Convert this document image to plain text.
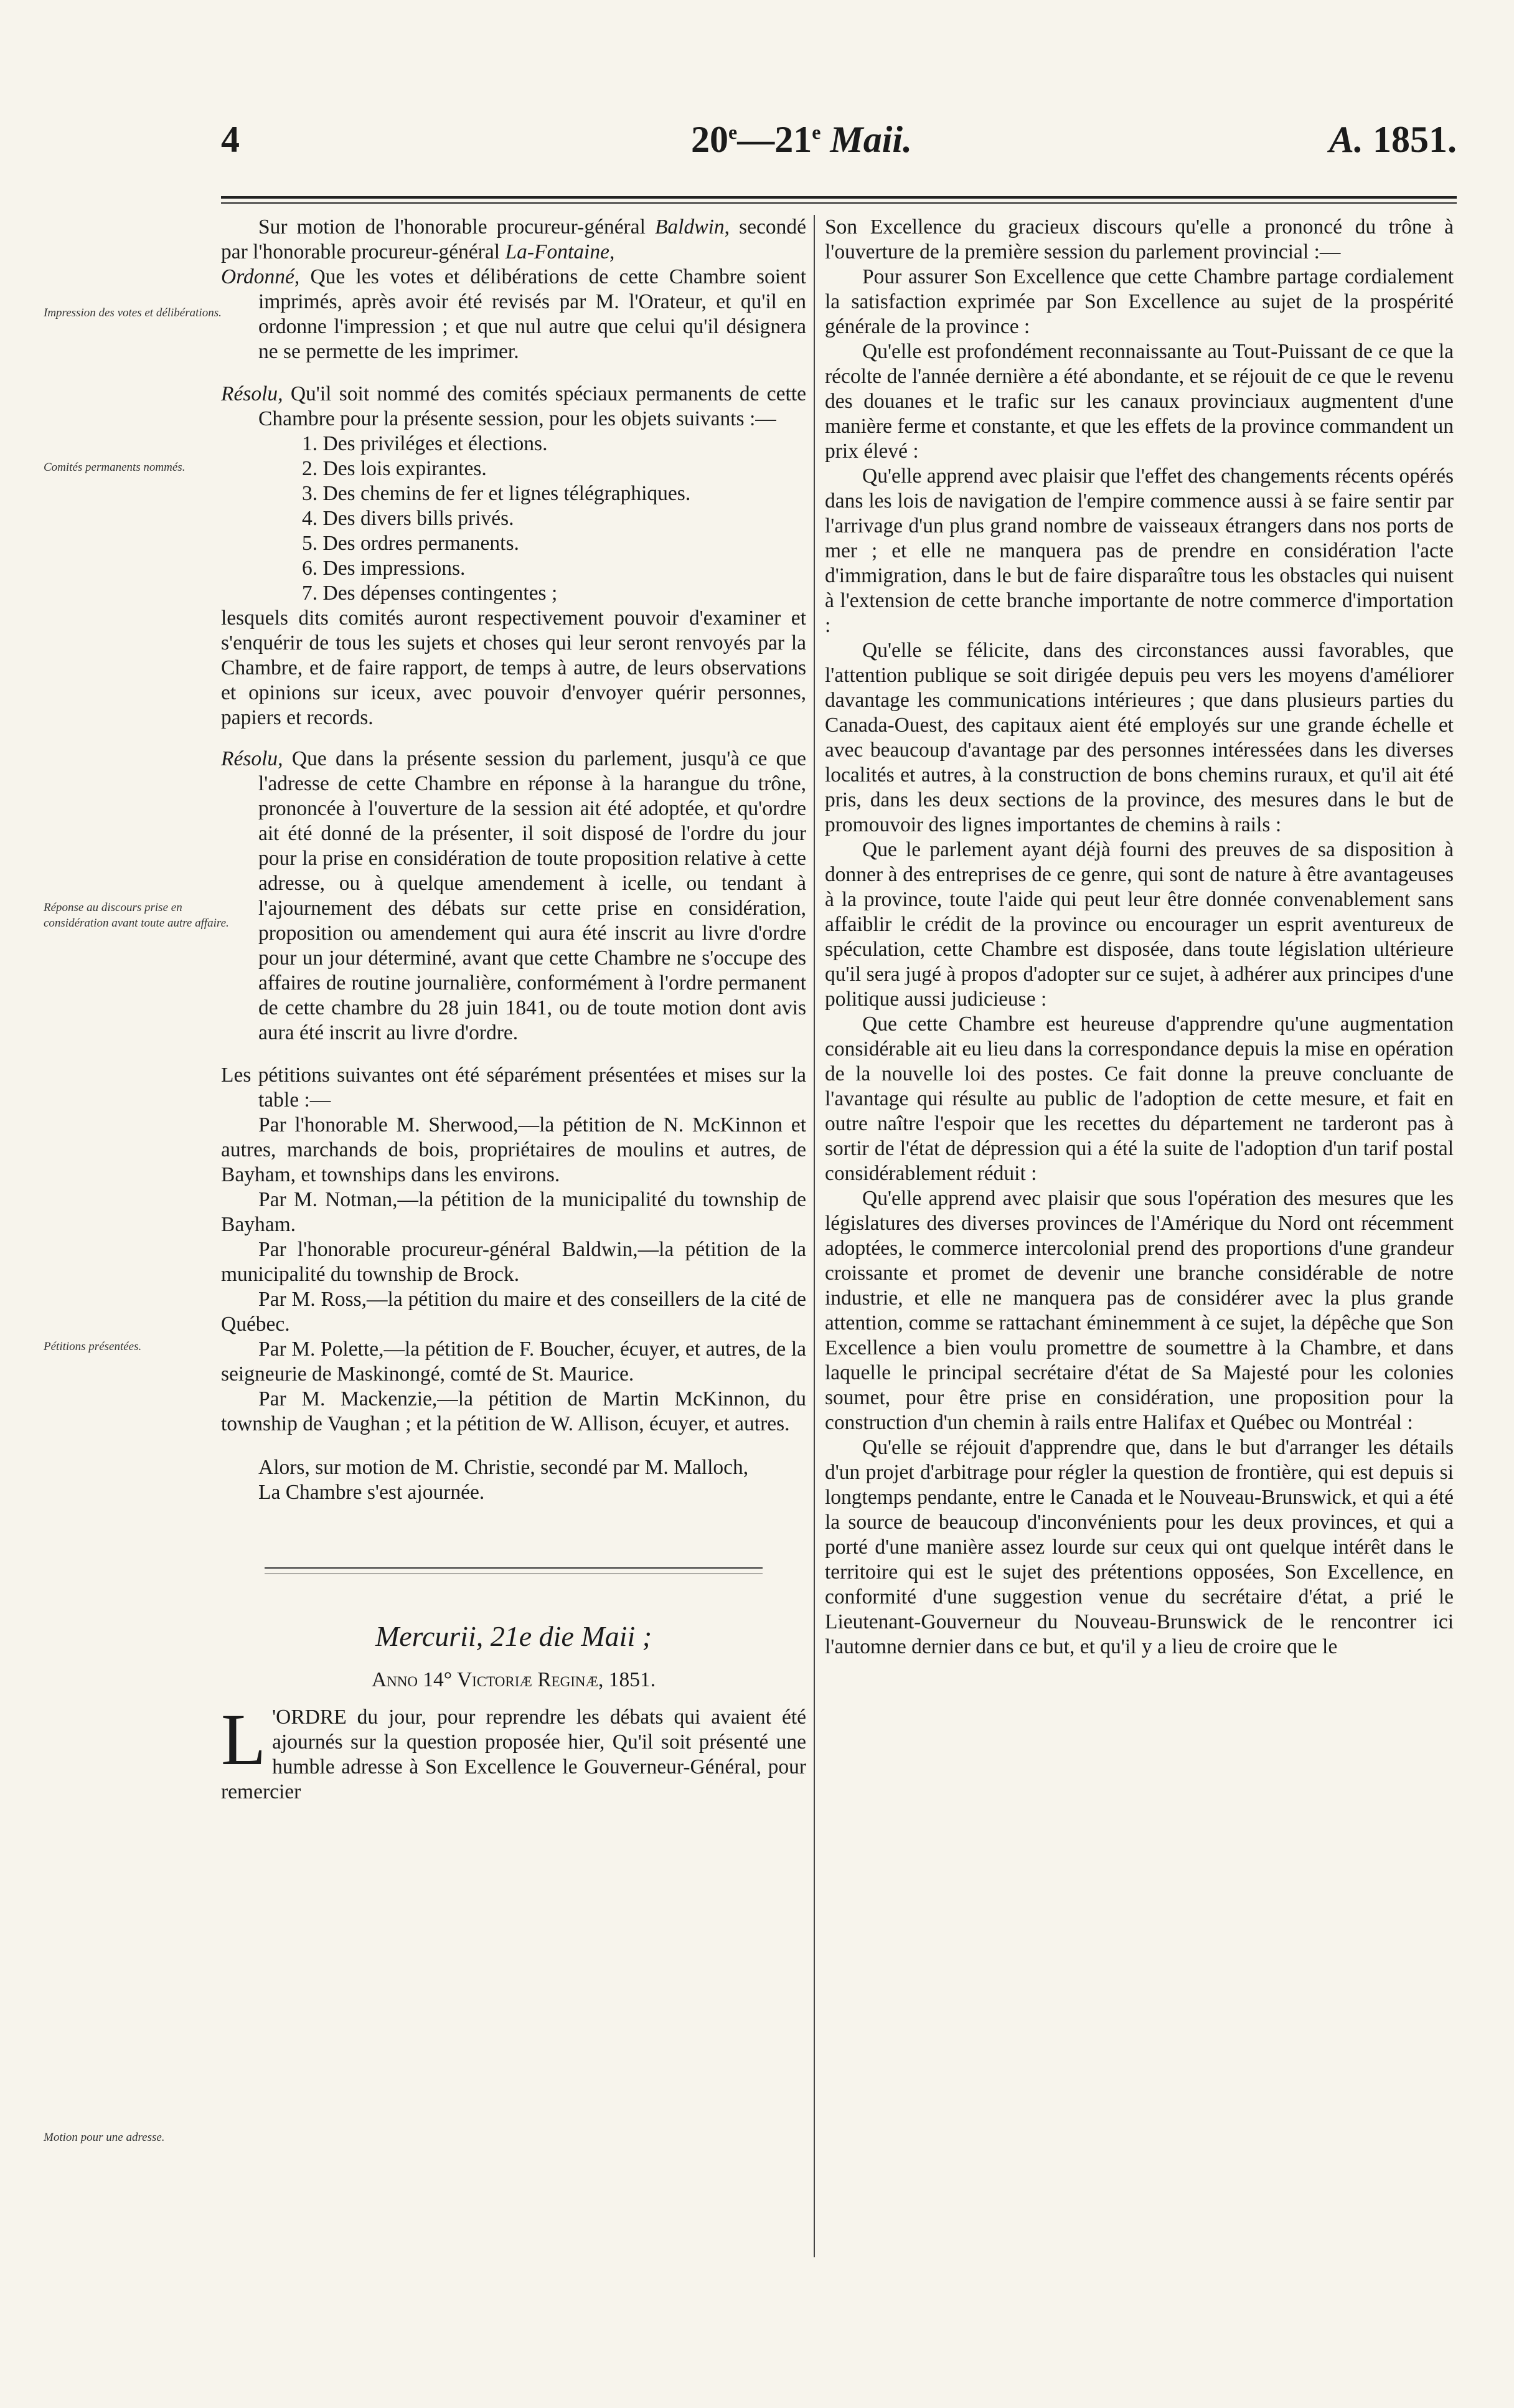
4	20e—21e Maii.	A. 1851.
Impression des votes et délibérations.
Comités permanents nommés.
Réponse au discours prise en considération avant toute autre affaire.
Pétitions présentées.
Motion pour une adresse.

Sur motion de l'honorable procureur-général Baldwin, secondé par l'honorable procureur-général La-Fontaine,

Ordonné, Que les votes et délibérations de cette Chambre soient imprimés, après avoir été revisés par M. l'Orateur, et qu'il en ordonne l'impression ; et que nul autre que celui qu'il désignera ne se permette de les imprimer.

Résolu, Qu'il soit nommé des comités spéciaux permanents de cette Chambre pour la présente session, pour les objets suivants :—

1. Des priviléges et élections.

2. Des lois expirantes.

3. Des chemins de fer et lignes télégraphiques.

4. Des divers bills privés.

5. Des ordres permanents.

6. Des impressions.

7. Des dépenses contingentes ;

lesquels dits comités auront respectivement pouvoir d'examiner et s'enquérir de tous les sujets et choses qui leur seront renvoyés par la Chambre, et de faire rapport, de temps à autre, de leurs observations et opinions sur iceux, avec pouvoir d'envoyer quérir personnes, papiers et records.

Résolu, Que dans la présente session du parlement, jusqu'à ce que l'adresse de cette Chambre en réponse à la harangue du trône, prononcée à l'ouverture de la session ait été adoptée, et qu'ordre ait été donné de la présenter, il soit disposé de l'ordre du jour pour la prise en considération de toute proposition relative à cette adresse, ou à quelque amendement à icelle, ou tendant à l'ajournement des débats sur cette prise en considération, proposition ou amendement qui aura été inscrit au livre d'ordre pour un jour déterminé, avant que cette Chambre ne s'occupe des affaires de routine journalière, conformément à l'ordre permanent de cette chambre du 28 juin 1841, ou de toute motion dont avis aura été inscrit au livre d'ordre.

Les pétitions suivantes ont été séparément présentées et mises sur la table :—

Par l'honorable M. Sherwood,—la pétition de N. McKinnon et autres, marchands de bois, propriétaires de moulins et autres, de Bayham, et townships dans les environs.

Par M. Notman,—la pétition de la municipalité du township de Bayham.

Par l'honorable procureur-général Baldwin,—la pétition de la municipalité du township de Brock.

Par M. Ross,—la pétition du maire et des conseillers de la cité de Québec.

Par M. Polette,—la pétition de F. Boucher, écuyer, et autres, de la seigneurie de Maskinongé, comté de St. Maurice.

Par M. Mackenzie,—la pétition de Martin McKinnon, du township de Vaughan ; et la pétition de W. Allison, écuyer, et autres.

Alors, sur motion de M. Christie, secondé par M. Malloch,

La Chambre s'est ajournée.

Mercurii, 21e die Maii ;

Anno 14° Victoriæ Reginæ, 1851.

L 'ORDRE du jour, pour reprendre les débats qui avaient été ajournés sur la question proposée hier, Qu'il soit présenté une humble adresse à Son Excellence le Gouverneur-Général, pour remercier

Son Excellence du gracieux discours qu'elle a prononcé du trône à l'ouverture de la première session du parlement provincial :—

Pour assurer Son Excellence que cette Chambre partage cordialement la satisfaction exprimée par Son Excellence au sujet de la prospérité générale de la province :

Qu'elle est profondément reconnaissante au Tout-Puissant de ce que la récolte de l'année dernière a été abondante, et se réjouit de ce que le revenu des douanes et le trafic sur les canaux provinciaux augmentent d'une manière ferme et constante, et que les effets de la province commandent un prix élevé :

Qu'elle apprend avec plaisir que l'effet des changements récents opérés dans les lois de navigation de l'empire commence aussi à se faire sentir par l'arrivage d'un plus grand nombre de vaisseaux étrangers dans nos ports de mer ; et elle ne manquera pas de prendre en considération l'acte d'immigration, dans le but de faire disparaître tous les obstacles qui nuisent à l'extension de cette branche importante de notre commerce d'importation :

Qu'elle se félicite, dans des circonstances aussi favorables, que l'attention publique se soit dirigée depuis peu vers les moyens d'améliorer davantage les communications intérieures ; que dans plusieurs parties du Canada-Ouest, des capitaux aient été employés sur une grande échelle et avec beaucoup d'avantage par des personnes intéressées dans les diverses localités et autres, à la construction de bons chemins ruraux, et qu'il ait été pris, dans les deux sections de la province, des mesures dans le but de promouvoir des lignes importantes de chemins à rails :

Que le parlement ayant déjà fourni des preuves de sa disposition à donner à des entreprises de ce genre, qui sont de nature à être avantageuses à la province, toute l'aide qui peut leur être donnée convenablement sans affaiblir le crédit de la province ou encourager un esprit aventureux de spéculation, cette Chambre est disposée, dans toute législation ultérieure qu'il sera jugé à propos d'adopter sur ce sujet, à adhérer aux principes d'une politique aussi judicieuse :

Que cette Chambre est heureuse d'apprendre qu'une augmentation considérable ait eu lieu dans la correspondance depuis la mise en opération de la nouvelle loi des postes. Ce fait donne la preuve concluante de l'avantage qui résulte au public de l'adoption de cette mesure, et fait en outre naître l'espoir que les recettes du département ne tarderont pas à sortir de l'état de dépression qui a été la suite de l'adoption d'un tarif postal considérablement réduit :

Qu'elle apprend avec plaisir que sous l'opération des mesures que les législatures des diverses provinces de l'Amérique du Nord ont récemment adoptées, le commerce intercolonial prend des proportions d'une grandeur croissante et promet de devenir une branche considérable de notre industrie, et elle ne manquera pas de considérer avec la plus grande attention, comme se rattachant éminemment à ce sujet, la dépêche que Son Excellence a bien voulu promettre de soumettre à la Chambre, et dans laquelle le principal secrétaire d'état de Sa Majesté pour les colonies soumet, pour être prise en considération, une proposition pour la construction d'un chemin à rails entre Halifax et Québec ou Montréal :

Qu'elle se réjouit d'apprendre que, dans le but d'arranger les détails d'un projet d'arbitrage pour régler la question de frontière, qui est depuis si longtemps pendante, entre le Canada et le Nouveau-Brunswick, et qui a été la source de beaucoup d'inconvénients pour les deux provinces, et qui a porté d'une manière assez lourde sur ceux qui ont quelque intérêt dans le territoire qui est le sujet des prétentions opposées, Son Excellence, en conformité d'une suggestion venue du secrétaire d'état, a prié le Lieutenant-Gouverneur du Nouveau-Brunswick de le rencontrer ici l'automne dernier dans ce but, et qu'il y a lieu de croire que le
